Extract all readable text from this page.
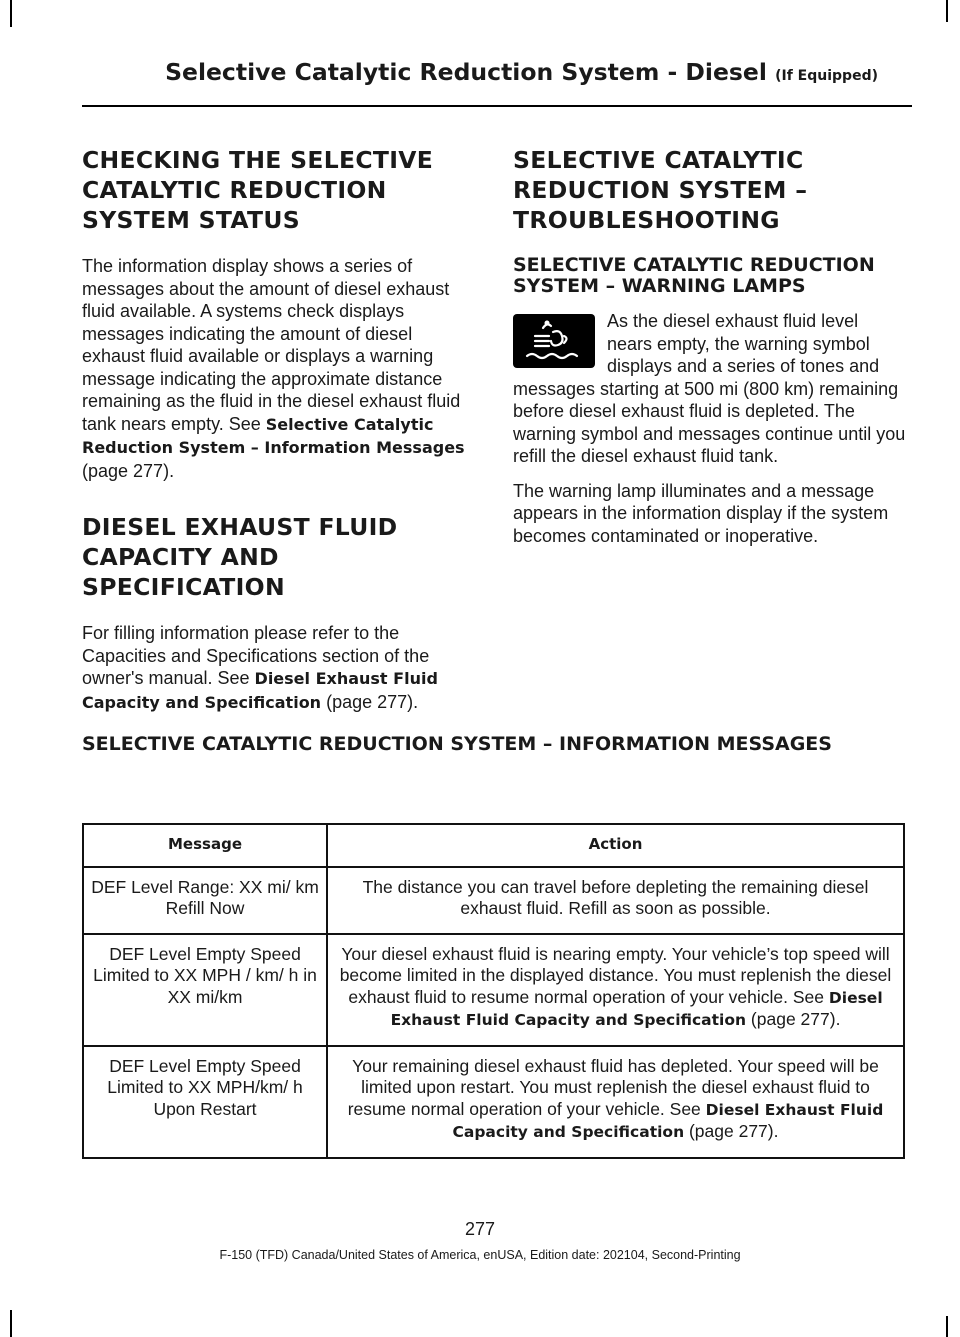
Selective Catalytic Reduction System - Diesel (If Equipped)
CHECKING THE SELECTIVE
CATALYTIC REDUCTION
SYSTEM STATUS

The information display shows a series of messages about the amount of diesel exhaust fluid available. A systems check displays messages indicating the amount of diesel exhaust fluid available or displays a warning message indicating the approximate distance remaining as the fluid in the diesel exhaust fluid tank nears empty. See Selective Catalytic Reduction System – Information Messages (page 277).

DIESEL EXHAUST FLUID
CAPACITY AND
SPECIFICATION

For filling information please refer to the Capacities and Specifications section of the owner's manual. See Diesel Exhaust Fluid Capacity and Specification (page 277).

SELECTIVE CATALYTIC
REDUCTION SYSTEM –
TROUBLESHOOTING
SELECTIVE CATALYTIC REDUCTION SYSTEM – WARNING LAMPS

As the diesel exhaust fluid level nears empty, the warning symbol displays and a series of tones and messages starting at 500 mi (800 km) remaining before diesel exhaust fluid is depleted. The warning symbol and messages continue until you refill the diesel exhaust fluid tank.

The warning lamp illuminates and a message appears in the information display if the system becomes contaminated or inoperative.

SELECTIVE CATALYTIC REDUCTION SYSTEM – INFORMATION MESSAGES
Message	Action
DEF Level Range: XX mi/ km Refill Now	The distance you can travel before depleting the remaining diesel exhaust fluid. Refill as soon as possible.
DEF Level Empty Speed Limited to XX MPH / km/ h in XX mi/km	Your diesel exhaust fluid is nearing empty. Your vehicle’s top speed will become limited in the displayed distance. You must replenish the diesel exhaust fluid to resume normal operation of your vehicle. See Diesel Exhaust Fluid Capacity and Specification (page 277).
DEF Level Empty Speed Limited to XX MPH/km/ h Upon Restart	Your remaining diesel exhaust fluid has depleted. Your speed will be limited upon restart. You must replenish the diesel exhaust fluid to resume normal operation of your vehicle. See Diesel Exhaust Fluid Capacity and Specification (page 277).
277
F-150 (TFD) Canada/United States of America, enUSA, Edition date: 202104, Second-Printing
